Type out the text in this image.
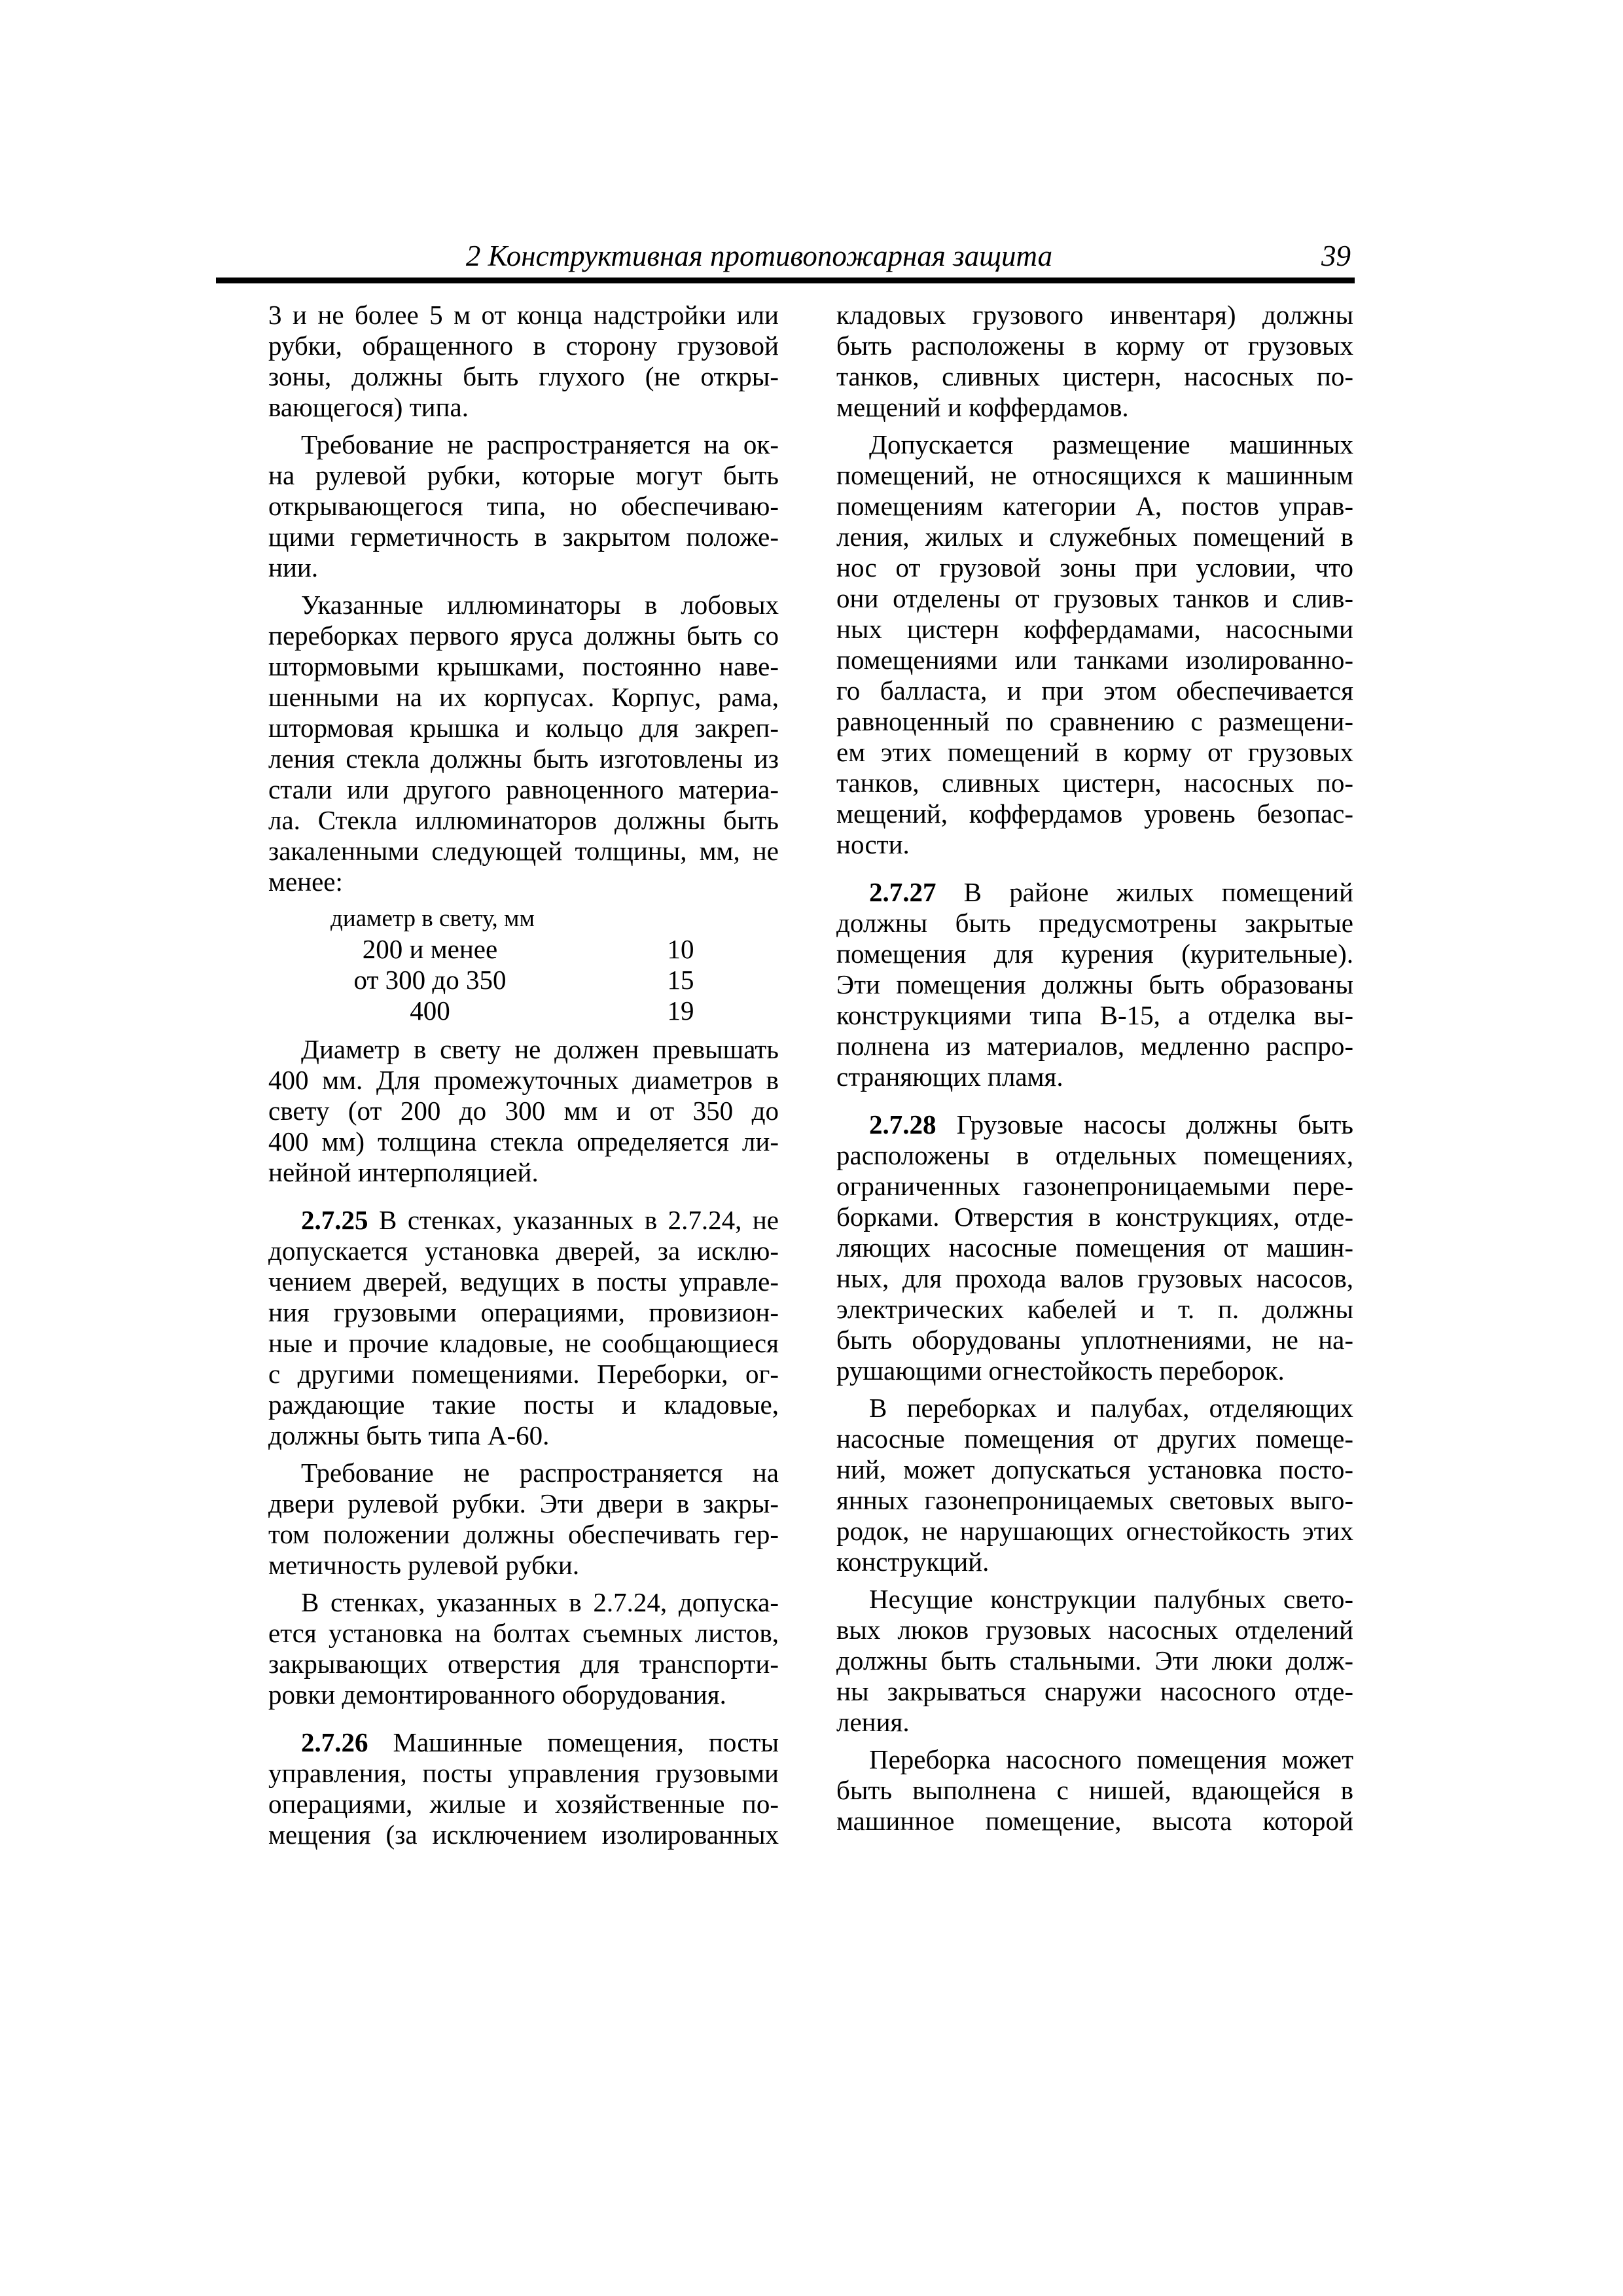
2 Конструктивная противопожарная защита	39
3 и не более 5 м от конца надстройки или
рубки, обращенного в сторону грузовой
зоны, должны быть глухого (не откры-
вающегося) типа.
Требование не распространяется на ок-
на рулевой рубки, которые могут быть
открывающегося типа, но обеспечиваю-
щими герметичность в закрытом положе-
нии.
Указанные иллюминаторы в лобовых
переборках первого яруса должны быть со
штормовыми крышками, постоянно наве-
шенными на их корпусах. Корпус, рама,
штормовая крышка и кольцо для закреп-
ления стекла должны быть изготовлены из
стали или другого равноценного материа-
ла. Стекла иллюминаторов должны быть
закаленными следующей толщины, мм, не
менее:
диаметр в свету, мм
200 и менее	10
от 300 до 350	15
400	19
Диаметр в свету не должен превышать
400 мм. Для промежуточных диаметров в
свету (от 200 до 300 мм и от 350 до
400 мм) толщина стекла определяется ли-
нейной интерполяцией.
2.7.25 В стенках, указанных в 2.7.24, не
допускается установка дверей, за исклю-
чением дверей, ведущих в посты управле-
ния грузовыми операциями, провизион-
ные и прочие кладовые, не сообщающиеся
с другими помещениями. Переборки, ог-
раждающие такие посты и кладовые,
должны быть типа А-60.
Требование не распространяется на
двери рулевой рубки. Эти двери в закры-
том положении должны обеспечивать гер-
метичность рулевой рубки.
В стенках, указанных в 2.7.24, допуска-
ется установка на болтах съемных листов,
закрывающих отверстия для транспорти-
ровки демонтированного оборудования.
2.7.26 Машинные помещения, посты
управления, посты управления грузовыми
операциями, жилые и хозяйственные по-
мещения (за исключением изолированных
кладовых грузового инвентаря) должны
быть расположены в корму от грузовых
танков, сливных цистерн, насосных по-
мещений и коффердамов.
Допускается размещение машинных
помещений, не относящихся к машинным
помещениям категории А, постов управ-
ления, жилых и служебных помещений в
нос от грузовой зоны при условии, что
они отделены от грузовых танков и слив-
ных цистерн коффердамами, насосными
помещениями или танками изолированно-
го балласта, и при этом обеспечивается
равноценный по сравнению с размещени-
ем этих помещений в корму от грузовых
танков, сливных цистерн, насосных по-
мещений, коффердамов уровень безопас-
ности.
2.7.27 В районе жилых помещений
должны быть предусмотрены закрытые
помещения для курения (курительные).
Эти помещения должны быть образованы
конструкциями типа В-15, а отделка вы-
полнена из материалов, медленно распро-
страняющих пламя.
2.7.28 Грузовые насосы должны быть
расположены в отдельных помещениях,
ограниченных газонепроницаемыми пере-
борками. Отверстия в конструкциях, отде-
ляющих насосные помещения от машин-
ных, для прохода валов грузовых насосов,
электрических кабелей и т. п. должны
быть оборудованы уплотнениями, не на-
рушающими огнестойкость переборок.
В переборках и палубах, отделяющих
насосные помещения от других помеще-
ний, может допускаться установка посто-
янных газонепроницаемых световых выго-
родок, не нарушающих огнестойкость этих
конструкций.
Несущие конструкции палубных свето-
вых люков грузовых насосных отделений
должны быть стальными. Эти люки долж-
ны закрываться снаружи насосного отде-
ления.
Переборка насосного помещения может
быть выполнена с нишей, вдающейся в
машинное помещение, высота которой
